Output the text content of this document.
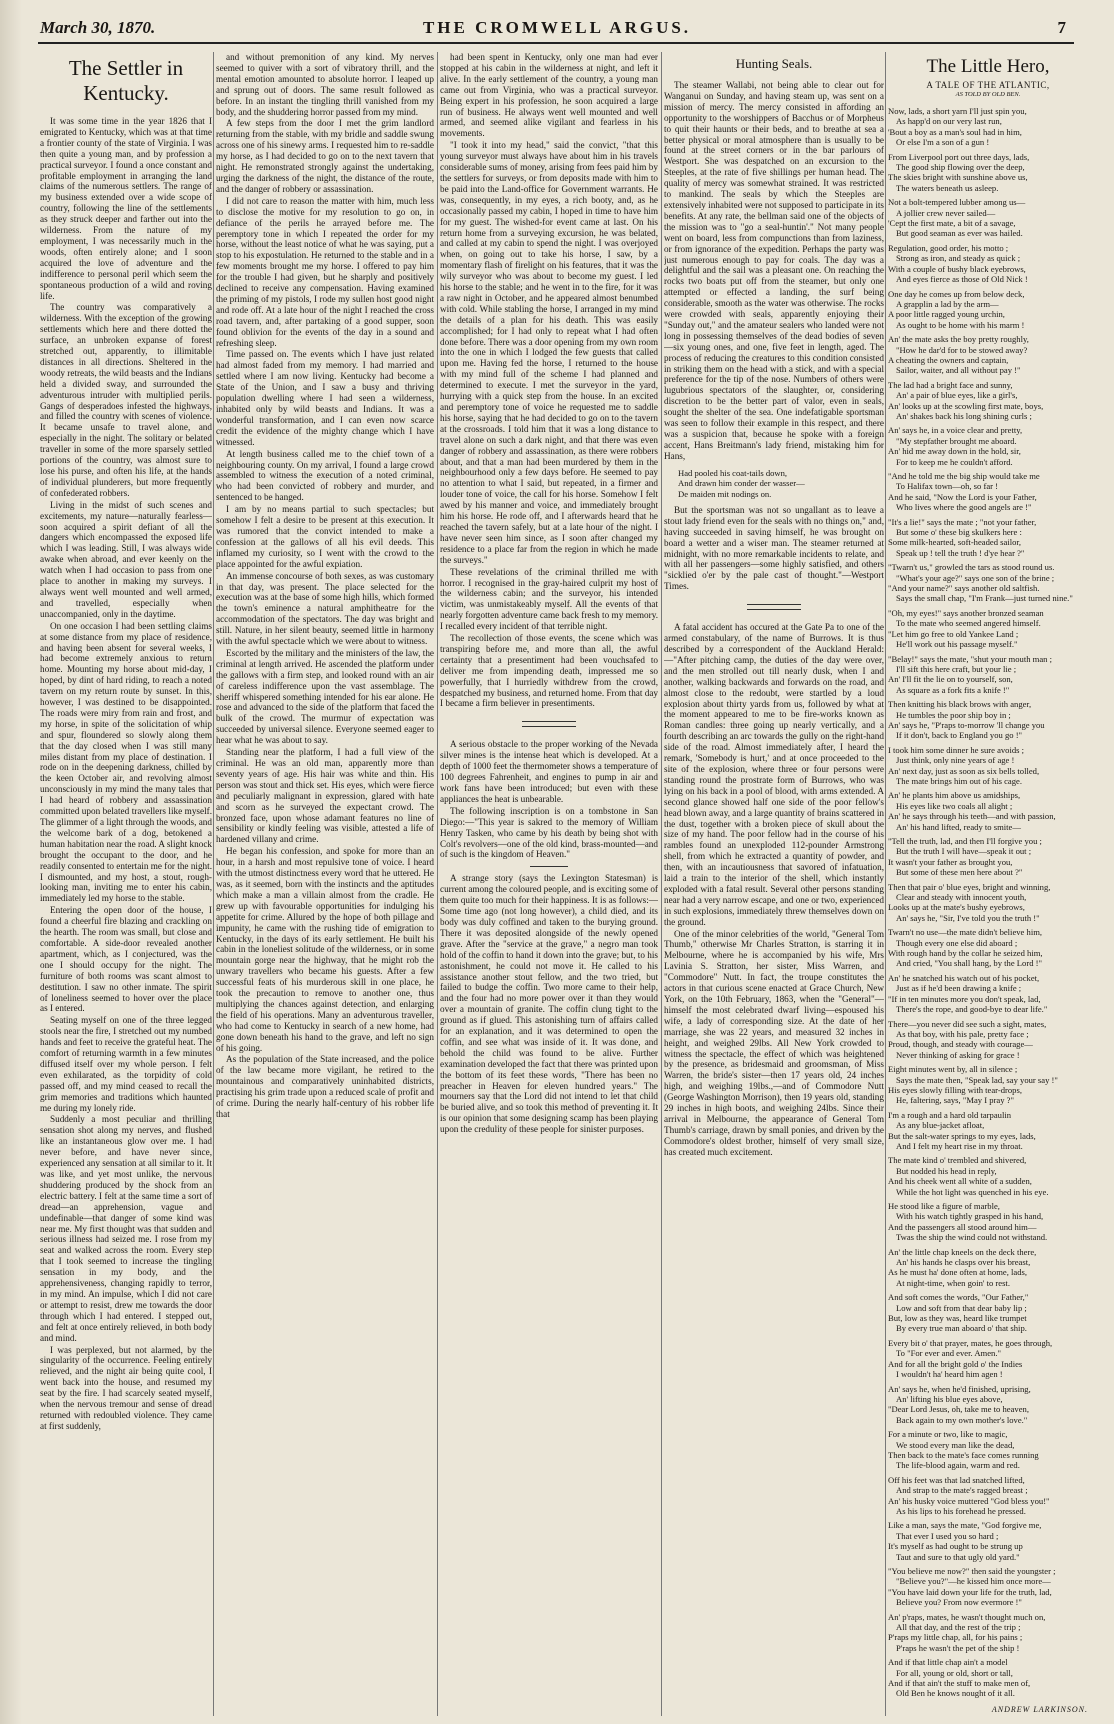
March 30, 1870.	THE CROMWELL ARGUS.	7
The Settler in Kentucky.

It was some time in the year 1826 that I emigrated to Kentucky, which was at that time a frontier county of the state of Virginia. I was then quite a young man, and by profession a practical surveyor. I found a once constant and profitable employment in arranging the land claims of the numerous settlers. The range of my business extended over a wide scope of country, following the line of the settlements as they struck deeper and farther out into the wilderness. From the nature of my employment, I was necessarily much in the woods, often entirely alone; and I soon acquired the love of adventure and the indifference to personal peril which seem the spontaneous production of a wild and roving life.

The country was comparatively a wilderness. With the exception of the growing settlements which here and there dotted the surface, an unbroken expanse of forest stretched out, apparently, to illimitable distances in all directions. Sheltered in the woody retreats, the wild beasts and the Indians held a divided sway, and surrounded the adventurous intruder with multiplied perils. Gangs of desperadoes infested the highways, and filled the country with scenes of violence. It became unsafe to travel alone, and especially in the night. The solitary or belated traveller in some of the more sparsely settled portions of the country, was almost sure to lose his purse, and often his life, at the hands of individual plunderers, but more frequently of confederated robbers.

Living in the midst of such scenes and excitements, my nature—naturally fearless—soon acquired a spirit defiant of all the dangers which encompassed the exposed life which I was leading. Still, I was always wide awake when abroad, and ever keenly on the watch when I had occasion to pass from one place to another in making my surveys. I always went well mounted and well armed, and travelled, especially when unaccompanied, only in the daytime.

On one occasion I had been settling claims at some distance from my place of residence, and having been absent for several weeks, I had become extremely anxious to return home. Mounting my horse about mid-day, I hoped, by dint of hard riding, to reach a noted tavern on my return route by sunset. In this, however, I was destined to be disappointed. The roads were miry from rain and frost, and my horse, in spite of the solicitation of whip and spur, floundered so slowly along them that the day closed when I was still many miles distant from my place of destination. I rode on in the deepening darkness, chilled by the keen October air, and revolving almost unconsciously in my mind the many tales that I had heard of robbery and assassination committed upon belated travellers like myself. The glimmer of a light through the woods, and the welcome bark of a dog, betokened a human habitation near the road. A slight knock brought the occupant to the door, and he readily consented to entertain me for the night. I dismounted, and my host, a stout, rough-looking man, inviting me to enter his cabin, immediately led my horse to the stable.

Entering the open door of the house, I found a cheerful fire blazing and crackling on the hearth. The room was small, but close and comfortable. A side-door revealed another apartment, which, as I conjectured, was the one I should occupy for the night. The furniture of both rooms was scant almost to destitution. I saw no other inmate. The spirit of loneliness seemed to hover over the place as I entered.

Seating myself on one of the three legged stools near the fire, I stretched out my numbed hands and feet to receive the grateful heat. The comfort of returning warmth in a few minutes diffused itself over my whole person. I felt even exhilarated, as the torpidity of cold passed off, and my mind ceased to recall the grim memories and traditions which haunted me during my lonely ride.

Suddenly a most peculiar and thrilling sensation shot along my nerves, and flushed like an instantaneous glow over me. I had never before, and have never since, experienced any sensation at all similar to it. It was like, and yet most unlike, the nervous shuddering produced by the shock from an electric battery. I felt at the same time a sort of dread—an apprehension, vague and undefinable—that danger of some kind was near me. My first thought was that sudden and serious illness had seized me. I rose from my seat and walked across the room. Every step that I took seemed to increase the tingling sensation in my body, and the apprehensiveness, changing rapidly to terror, in my mind. An impulse, which I did not care or attempt to resist, drew me towards the door through which I had entered. I stepped out, and felt at once entirely relieved, in both body and mind.

I was perplexed, but not alarmed, by the singularity of the occurrence. Feeling entirely relieved, and the night air being quite cool, I went back into the house, and resumed my seat by the fire. I had scarcely seated myself, when the nervous tremour and sense of dread returned with redoubled violence. They came at first suddenly,

and without premonition of any kind. My nerves seemed to quiver with a sort of vibratory thrill, and the mental emotion amounted to absolute horror. I leaped up and sprung out of doors. The same result followed as before. In an instant the tingling thrill vanished from my body, and the shuddering horror passed from my mind.

A few steps from the door I met the grim landlord returning from the stable, with my bridle and saddle swung across one of his sinewy arms. I requested him to re-saddle my horse, as I had decided to go on to the next tavern that night. He remonstrated strongly against the undertaking, urging the darkness of the night, the distance of the route, and the danger of robbery or assassination.

I did not care to reason the matter with him, much less to disclose the motive for my resolution to go on, in defiance of the perils he arrayed before me. The peremptory tone in which I repeated the order for my horse, without the least notice of what he was saying, put a stop to his expostulation. He returned to the stable and in a few moments brought me my horse. I offered to pay him for the trouble I had given, but he sharply and positively declined to receive any compensation. Having examined the priming of my pistols, I rode my sullen host good night and rode off. At a late hour of the night I reached the cross road tavern, and, after partaking of a good supper, soon found oblivion for the events of the day in a sound and refreshing sleep.

Time passed on. The events which I have just related had almost faded from my memory. I had married and settled where I am now living. Kentucky had become a State of the Union, and I saw a busy and thriving population dwelling where I had seen a wilderness, inhabited only by wild beasts and Indians. It was a wonderful transformation, and I can even now scarce credit the evidence of the mighty change which I have witnessed.

At length business called me to the chief town of a neighbouring county. On my arrival, I found a large crowd assembled to witness the execution of a noted criminal, who had been convicted of robbery and murder, and sentenced to be hanged.

I am by no means partial to such spectacles; but somehow I felt a desire to be present at this execution. It was rumored that the convict intended to make a confession at the gallows of all his evil deeds. This inflamed my curiosity, so I went with the crowd to the place appointed for the awful expiation.

An immense concourse of both sexes, as was customary in that day, was present. The place selected for the execution was at the base of some high hills, which formed the town's eminence a natural amphitheatre for the accommodation of the spectators. The day was bright and still. Nature, in her silent beauty, seemed little in harmony with the awful spectacle which we were about to witness.

Escorted by the military and the ministers of the law, the criminal at length arrived. He ascended the platform under the gallows with a firm step, and looked round with an air of careless indifference upon the vast assemblage. The sheriff whispered something intended for his ear alone. He rose and advanced to the side of the platform that faced the bulk of the crowd. The murmur of expectation was succeeded by universal silence. Everyone seemed eager to hear what he was about to say.

Standing near the platform, I had a full view of the criminal. He was an old man, apparently more than seventy years of age. His hair was white and thin. His person was stout and thick set. His eyes, which were fierce and peculiarly malignant in expression, glared with hate and scorn as he surveyed the expectant crowd. The bronzed face, upon whose adamant features no line of sensibility or kindly feeling was visible, attested a life of hardened villany and crime.

He began his confession, and spoke for more than an hour, in a harsh and most repulsive tone of voice. I heard with the utmost distinctness every word that he uttered. He was, as it seemed, born with the instincts and the aptitudes which make a man a villain almost from the cradle. He grew up with favourable opportunities for indulging his appetite for crime. Allured by the hope of both pillage and impunity, he came with the rushing tide of emigration to Kentucky, in the days of its early settlement. He built his cabin in the loneliest solitude of the wilderness, or in some mountain gorge near the highway, that he might rob the unwary travellers who became his guests. After a few successful feats of his murderous skill in one place, he took the precaution to remove to another one, thus multiplying the chances against detection, and enlarging the field of his operations. Many an adventurous traveller, who had come to Kentucky in search of a new home, had gone down beneath his hand to the grave, and left no sign of his going.

As the population of the State increased, and the police of the law became more vigilant, he retired to the mountainous and comparatively uninhabited districts, practising his grim trade upon a reduced scale of profit and of crime. During the nearly half-century of his robber life that

had been spent in Kentucky, only one man had ever stopped at his cabin in the wilderness at night, and left it alive. In the early settlement of the country, a young man came out from Virginia, who was a practical surveyor. Being expert in his profession, he soon acquired a large run of business. He always went well mounted and well armed, and seemed alike vigilant and fearless in his movements.

"I took it into my head," said the convict, "that this young surveyor must always have about him in his travels considerable sums of money, arising from fees paid him by the settlers for surveys, or from deposits made with him to be paid into the Land-office for Government warrants. He was, consequently, in my eyes, a rich booty, and, as he occasionally passed my cabin, I hoped in time to have him for my guest. The wished-for event came at last. On his return home from a surveying excursion, he was belated, and called at my cabin to spend the night. I was overjoyed when, on going out to take his horse, I saw, by a momentary flash of firelight on his features, that it was the wily surveyor who was about to become my guest. I led his horse to the stable; and he went in to the fire, for it was a raw night in October, and he appeared almost benumbed with cold. While stabling the horse, I arranged in my mind the details of a plan for his death. This was easily accomplished; for I had only to repeat what I had often done before. There was a door opening from my own room into the one in which I lodged the few guests that called upon me. Having fed the horse, I returned to the house with my mind full of the scheme I had planned and determined to execute. I met the surveyor in the yard, hurrying with a quick step from the house. In an excited and peremptory tone of voice he requested me to saddle his horse, saying that he had decided to go on to the tavern at the crossroads. I told him that it was a long distance to travel alone on such a dark night, and that there was even danger of robbery and assassination, as there were robbers about, and that a man had been murdered by them in the neighbourhood only a few days before. He seemed to pay no attention to what I said, but repeated, in a firmer and louder tone of voice, the call for his horse. Somehow I felt awed by his manner and voice, and immediately brought him his horse. He rode off, and I afterwards heard that he reached the tavern safely, but at a late hour of the night. I have never seen him since, as I soon after changed my residence to a place far from the region in which he made the surveys."

These revelations of the criminal thrilled me with horror. I recognised in the gray-haired culprit my host of the wilderness cabin; and the surveyor, his intended victim, was unmistakeably myself. All the events of that nearly forgotten adventure came back fresh to my memory. I recalled every incident of that terrible night.

The recollection of those events, the scene which was transpiring before me, and more than all, the awful certainty that a presentiment had been vouchsafed to deliver me from impending death, impressed me so powerfully, that I hurriedly withdrew from the crowd, despatched my business, and returned home. From that day I became a firm believer in presentiments.

A serious obstacle to the proper working of the Nevada silver mines is the intense heat which is developed. At a depth of 1000 feet the thermometer shows a temperature of 100 degrees Fahrenheit, and engines to pump in air and work fans have been introduced; but even with these appliances the heat is unbearable.

The following inscription is on a tombstone in San Diego:—"This year is sakred to the memory of William Henry Tasken, who came by his death by being shot with Colt's revolvers—one of the old kind, brass-mounted—and of such is the kingdom of Heaven."

A strange story (says the Lexington Statesman) is current among the coloured people, and is exciting some of them quite too much for their happiness. It is as follows:—Some time ago (not long however), a child died, and its body was duly coffined and taken to the burying ground. There it was deposited alongside of the newly opened grave. After the "service at the grave," a negro man took hold of the coffin to hand it down into the grave; but, to his astonishment, he could not move it. He called to his assistance another stout fellow, and the two tried, but failed to budge the coffin. Two more came to their help, and the four had no more power over it than they would over a mountain of granite. The coffin clung tight to the ground as if glued. This astonishing turn of affairs called for an explanation, and it was determined to open the coffin, and see what was inside of it. It was done, and behold the child was found to be alive. Further examination developed the fact that there was printed upon the bottom of its feet these words, "There has been no preacher in Heaven for eleven hundred years." The mourners say that the Lord did not intend to let that child be buried alive, and so took this method of preventing it. It is our opinion that some designing scamp has been playing upon the credulity of these people for sinister purposes.

Hunting Seals.

The steamer Wallabi, not being able to clear out for Wanganui on Sunday, and having steam up, was sent on a mission of mercy. The mercy consisted in affording an opportunity to the worshippers of Bacchus or of Morpheus to quit their haunts or their beds, and to breathe at sea a better physical or moral atmosphere than is usually to be found at the street corners or in the bar parlours of Westport. She was despatched on an excursion to the Steeples, at the rate of five shillings per human head. The quality of mercy was somewhat strained. It was restricted to mankind. The seals by which the Steeples are extensively inhabited were not supposed to participate in its benefits. At any rate, the bellman said one of the objects of the mission was to "go a seal-huntin'." Not many people went on board, less from compunctions than from laziness, or from ignorance of the expedition. Perhaps the party was just numerous enough to pay for coals. The day was a delightful and the sail was a pleasant one. On reaching the rocks two boats put off from the steamer, but only one attempted or effected a landing, the surf being considerable, smooth as the water was otherwise. The rocks were crowded with seals, apparently enjoying their "Sunday out," and the amateur sealers who landed were not long in possessing themselves of the dead bodies of seven—six young ones, and one, five feet in length, aged. The process of reducing the creatures to this condition consisted in striking them on the head with a stick, and with a special preference for the tip of the nose. Numbers of others were lugubrious spectators of the slaughter, or, considering discretion to be the better part of valor, even in seals, sought the shelter of the sea. One indefatigable sportsman was seen to follow their example in this respect, and there was a suspicion that, because he spoke with a foreign accent, Hans Breitmann's lady friend, mistaking him for Hans,

Had pooled his coat-tails down,
And drawn him conder der wasser—
De maiden mit nodings on.

But the sportsman was not so ungallant as to leave a stout lady friend even for the seals with no things on," and, having succeeded in saving himself, he was brought on board a wetter and a wiser man. The steamer returned at midnight, with no more remarkable incidents to relate, and with all her passengers—some highly satisfied, and others "sicklied o'er by the pale cast of thought."—Westport Times.

A fatal accident has occured at the Gate Pa to one of the armed constabulary, of the name of Burrows. It is thus described by a correspondent of the Auckland Herald:—"After pitching camp, the duties of the day were over, and the men strolled out till nearly dusk, when I and another, walking backwards and forwards on the road, and almost close to the redoubt, were startled by a loud explosion about thirty yards from us, followed by what at the moment appeared to me to be fire-works known as Roman candles: three going up nearly vertically, and a fourth describing an arc towards the gully on the right-hand side of the road. Almost immediately after, I heard the remark, 'Somebody is hurt,' and at once proceeded to the site of the explosion, where three or four persons were standing round the prostrate form of Burrows, who was lying on his back in a pool of blood, with arms extended. A second glance showed half one side of the poor fellow's head blown away, and a large quantity of brains scattered in the dust, together with a broken piece of skull about the size of my hand. The poor fellow had in the course of his rambles found an unexploded 112-pounder Armstrong shell, from which he extracted a quantity of powder, and then, with an incautiousness that savored of infatuation, laid a train to the interior of the shell, which instantly exploded with a fatal result. Several other persons standing near had a very narrow escape, and one or two, experienced in such explosions, immediately threw themselves down on the ground.

One of the minor celebrities of the world, "General Tom Thumb," otherwise Mr Charles Stratton, is starring it in Melbourne, where he is accompanied by his wife, Mrs Lavinia S. Stratton, her sister, Miss Warren, and "Commodore" Nutt. In fact, the troupe constitutes the actors in that curious scene enacted at Grace Church, New York, on the 10th February, 1863, when the "General"—himself the most celebrated dwarf living—espoused his wife, a lady of corresponding size. At the date of her marriage, she was 22 years, and measured 32 inches in height, and weighed 29lbs. All New York crowded to witness the spectacle, the effect of which was heightened by the presence, as bridesmaid and groomsman, of Miss Warren, the bride's sister—then 17 years old, 24 inches high, and weighing 19lbs.,—and of Commodore Nutt (George Washington Morrison), then 19 years old, standing 29 inches in high boots, and weighing 24lbs. Since their arrival in Melbourne, the appearance of General Tom Thumb's carriage, drawn by small ponies, and driven by the Commodore's oldest brother, himself of very small size, has created much excitement.

The Little Hero,
A TALE OF THE ATLANTIC,
AS TOLD BY OLD BEN.
Now, lads, a short yarn I'll just spin you,
As happ'd on our very last run,
'Bout a boy as a man's soul had in him,
Or else I'm a son of a gun !
From Liverpool port out three days, lads,
The good ship flowing over the deep,
The skies bright with sunshine above us,
The waters beneath us asleep.
Not a bolt-tempered lubber among us—
A jollier crew never sailed—
'Cept the first mate, a bit of a savage,
But good seaman as ever was hailed.
Regulation, good order, his motto ;
Strong as iron, and steady as quick ;
With a couple of bushy black eyebrows,
And eyes fierce as those of Old Nick !
One day he comes up from below deck,
A grapplin a lad by the arm—
A poor little ragged young urchin,
As ought to be home with his marm !
An' the mate asks the boy pretty roughly,
"How he dar'd for to be stowed away?
A cheating the owners and captain,
Sailor, waiter, and all without pay !"
The lad had a bright face and sunny,
An' a pair of blue eyes, like a girl's,
An' looks up at the scowling first mate, boys,
An' shakes back his long shining curls ;
An' says he, in a voice clear and pretty,
"My stepfather brought me aboard.
An' hid me away down in the hold, sir,
For to keep me he couldn't afford.
"And he told me the big ship would take me
To Halifax town—oh, so far !
And he said, "Now the Lord is your Father,
Who lives where the good angels are !"
"It's a lie!" says the mate ; "not your father,
But some o' these big skulkers here :
Some milk-hearted, soft-headed sailor,
Speak up ! tell the truth ! d'ye hear ?"
"Twarn't us," growled the tars as stood round us.
"What's your age?" says one son of the brine ;
"And your name?" says another old saltfish.
Says the small chap, "I'm Frank—just turned nine."
"Oh, my eyes!" says another bronzed seaman
To the mate who seemed angered himself.
"Let him go free to old Yankee Land ;
He'll work out his passage myself."
"Belay!" says the mate, "shut your mouth man ;
I'll sift this here craft, but your lie ;
An' I'll fit the lie on to yourself, son,
As square as a fork fits a knife !"
Then knitting his black brows with anger,
He tumbles the poor ship boy in ;
An' says he, "P'raps to-morrow 'll change you
If it don't, back to England you go !"
I took him some dinner he sure avoids ;
Just think, only nine years of age !
An' next day, just as soon as six bells tolled,
The mate brings him out of his cage.
An' he plants him above us amidships,
His eyes like two coals all alight ;
An' he says through his teeth—and with passion,
An' his hand lifted, ready to smite—
"Tell the truth, lad, and then I'll forgive you ;
But the truth I will have—speak it out ;
It wasn't your father as brought you,
But some of these men here about ?"
Then that pair o' blue eyes, bright and winning,
Clear and steady with innocent youth,
Looks up at the mate's bushy eyebrows,
An' says he, "Sir, I've told you the truth !"
Twarn't no use—the mate didn't believe him,
Though every one else did aboard ;
With rough hand by the collar he seized him,
And cried, "You shall hang, by the Lord !"
An' he snatched his watch out of his pocket,
Just as if he'd been drawing a knife ;
"If in ten minutes more you don't speak, lad,
There's the rope, and good-bye to dear life."
There—you never did see such a sight, mates,
As that boy, with his pale, pretty face ;
Proud, though, and steady with courage—
Never thinking of asking for grace !
Eight minutes went by, all in silence ;
Says the mate then, "Speak lad, say your say !"
His eyes slowly filling with tear-drops,
He, faltering, says, "May I pray ?"
I'm a rough and a hard old tarpaulin
As any blue-jacket afloat,
But the salt-water springs to my eyes, lads,
And I felt my heart rise in my throat.
The mate kind o' trembled and shivered,
But nodded his head in reply,
And his cheek went all white of a sudden,
While the hot light was quenched in his eye.
He stood like a figure of marble,
With his watch tightly grasped in his hand,
And the passengers all stood around him—
Twas the ship the wind could not withstand.
An' the little chap kneels on the deck there,
An' his hands he clasps over his breast,
As he must ha' done often at home, lads,
At night-time, when goin' to rest.
And soft comes the words, "Our Father,"
Low and soft from that dear baby lip ;
But, low as they was, heard like trumpet
By every true man aboard o' that ship.
Every bit o' that prayer, mates, he goes through,
To "For ever and ever. Amen."
And for all the bright gold o' the Indies
I wouldn't ha' heard him agen !
An' says he, when he'd finished, uprising,
An' lifting his blue eyes above,
"Dear Lord Jesus, oh, take me to heaven,
Back again to my own mother's love."
For a minute or two, like to magic,
We stood every man like the dead,
Then back to the mate's face comes running
The life-blood again, warm and red.
Off his feet was that lad snatched lifted,
And strap to the mate's ragged breast ;
An' his husky voice muttered "God bless you!"
As his lips to his forehead he pressed.
Like a man, says the mate, "God forgive me,
That ever I used you so hard ;
It's myself as had ought to be strung up
Taut and sure to that ugly old yard."
"You believe me now?" then said the youngster ;
"Believe you?"—he kissed him once more—
"You have laid down your life for the truth, lad,
Believe you? From now evermore !"
An' p'raps, mates, he wasn't thought much on,
All that day, and the rest of the trip ;
P'raps my little chap, all, for his pains ;
P'raps he wasn't the pet of the ship !
And if that little chap ain't a model
For all, young or old, short or tall,
And if that ain't the stuff to make men of,
Old Ben he knows nought of it all.
ANDREW LARKINSON.
